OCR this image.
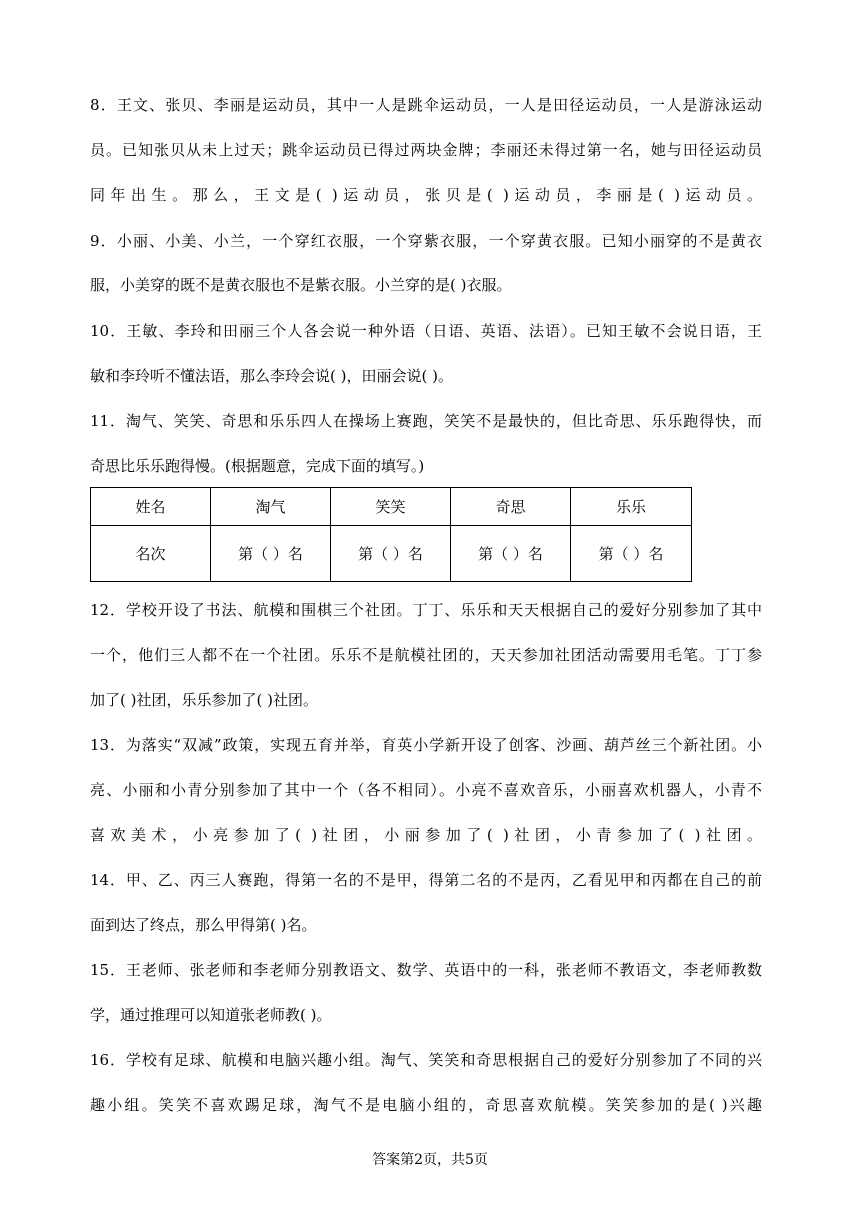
8．王文、张贝、李丽是运动员，其中一人是跳伞运动员，一人是田径运动员，一人是游泳运动
员。已知张贝从未上过天；跳伞运动员已得过两块金牌；李丽还未得过第一名，她与田径运动员
同年出生。那么，王文是( )运动员，张贝是( )运动员，李丽是( )运动员。
9．小丽、小美、小兰，一个穿红衣服，一个穿紫衣服，一个穿黄衣服。已知小丽穿的不是黄衣
服，小美穿的既不是黄衣服也不是紫衣服。小兰穿的是( )衣服。
10．王敏、李玲和田丽三个人各会说一种外语（日语、英语、法语）。已知王敏不会说日语，王
敏和李玲听不懂法语，那么李玲会说( )，田丽会说( )。
11．淘气、笑笑、奇思和乐乐四人在操场上赛跑，笑笑不是最快的，但比奇思、乐乐跑得快，而
奇思比乐乐跑得慢。(根据题意，完成下面的填写。)
姓名	淘气	笑笑	奇思	乐乐
名次	第（ ）名	第（ ）名	第（ ）名	第（ ）名
12．学校开设了书法、航模和围棋三个社团。丁丁、乐乐和天天根据自己的爱好分别参加了其中
一个，他们三人都不在一个社团。乐乐不是航模社团的，天天参加社团活动需要用毛笔。丁丁参
加了( )社团，乐乐参加了( )社团。
13．为落实“双减”政策，实现五育并举，育英小学新开设了创客、沙画、葫芦丝三个新社团。小
亮、小丽和小青分别参加了其中一个（各不相同）。小亮不喜欢音乐，小丽喜欢机器人，小青不
喜欢美术，小亮参加了( )社团，小丽参加了( )社团，小青参加了( )社团。
14．甲、乙、丙三人赛跑，得第一名的不是甲，得第二名的不是丙，乙看见甲和丙都在自己的前
面到达了终点，那么甲得第( )名。
15．王老师、张老师和李老师分别教语文、数学、英语中的一科，张老师不教语文，李老师教数
学，通过推理可以知道张老师教( )。
16．学校有足球、航模和电脑兴趣小组。淘气、笑笑和奇思根据自己的爱好分别参加了不同的兴
趣小组。笑笑不喜欢踢足球，淘气不是电脑小组的，奇思喜欢航模。笑笑参加的是( )兴趣
答案第2页，共5页
